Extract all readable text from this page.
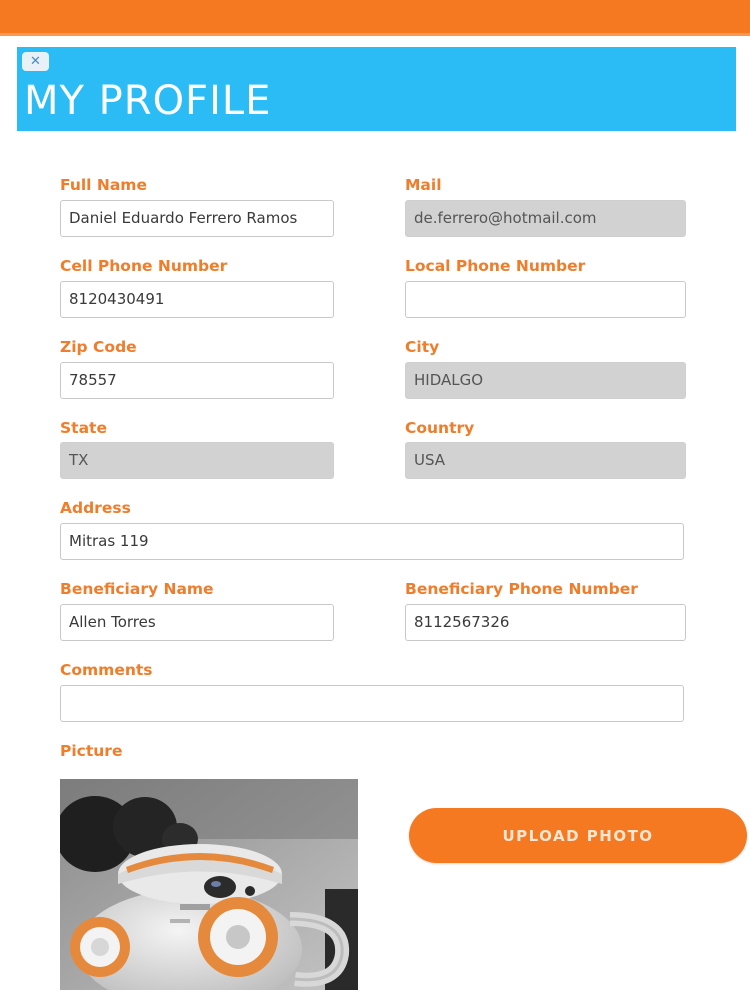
✕
MY PROFILE
Full Name
Daniel Eduardo Ferrero Ramos
Mail
de.ferrero@hotmail.com
Cell Phone Number
8120430491
Local Phone Number
Zip Code
78557
City
HIDALGO
State
TX
Country
USA
Address
Mitras 119
Beneficiary Name
Allen Torres
Beneficiary Phone Number
8112567326
Comments
Picture
UPLOAD PHOTO
